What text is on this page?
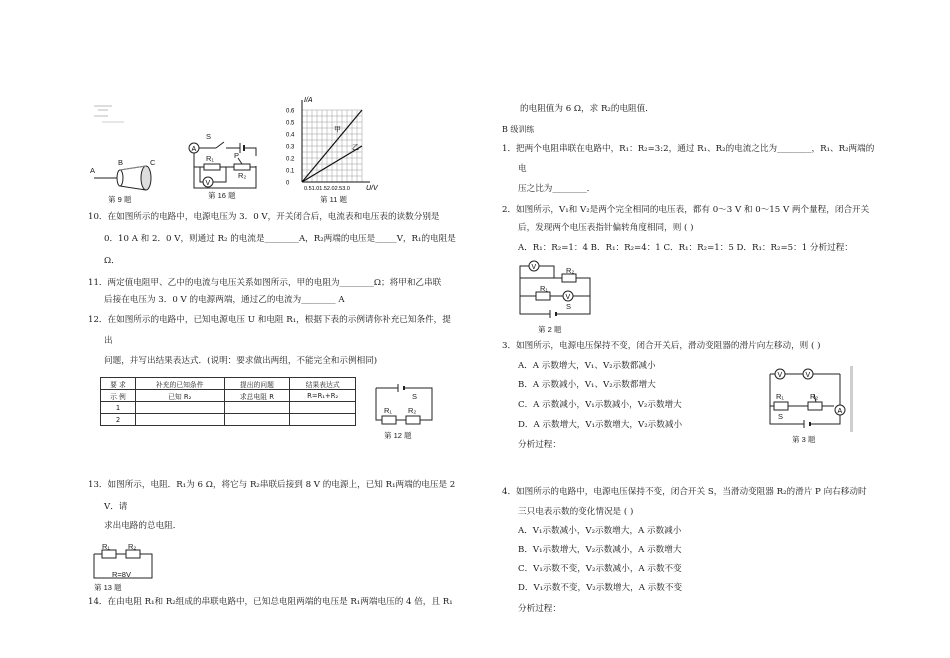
A
B	C
第 9 题
A
V
S
R₁	P
R₂
第 16 题
I/A
U/V
0.6
0.5
0.4
0.3
0.2
0.1
0
0.51.01.52.02.53.0
甲
乙
第 11 题
10．在如图所示的电路中，电源电压为 3．0 V，开关闭合后，电流表和电压表的读数分别是
0．10 A 和 2．0 V，则通过 R₂ 的电流是________A，R₂两端的电压是_____V，R₁的电阻是
Ω．
11．两定值电阻甲、乙中的电流与电压关系如图所示，甲的电阻为________Ω；将甲和乙串联
后接在电压为 3．0 V 的电源两端，通过乙的电流为________ A
12．在如图所示的电路中，已知电源电压 U 和电阻 R₁，根据下表的示例请你补充已知条件，提
出
问题，并写出结果表达式．(说明：要求做出两组，不能完全和示例相同)
要 求	补充的已知条件	提出的问题	结果表达式
示 例	已知 R₂	求总电阻 R	R=R₁+R₂
1			
2			
S
R₁ R₂
第 12 题
13．如图所示，电阻．R₁为 6 Ω，将它与 R₂串联后接到 8 V 的电源上，已知 R₁两端的电压是 2
V．请
求出电路的总电阻．
R₁ R₂
R=8V
第 13 题
14．在由电阻 R₁和 R₂组成的串联电路中，已知总电阻两端的电压是 R₁两端电压的 4 倍，且 R₁
的电阻值为 6 Ω，求 R₂的电阻值．
B 级训练
1．把两个电阻串联在电路中，R₁：R₂=3:2，通过 R₁、R₂的电流之比为________，R₁、R₂两端的
电
压之比为________．
2．如图所示，V₁和 V₂是两个完全相同的电压表，都有 0～3 V 和 0～15 V 两个量程，闭合开关
后，发现两个电压表指针偏转角度相同，则 ( )
A．R₁：R₂=1：4 B．R₁：R₂=4：1 C．R₁：R₂=1：5 D．R₁：R₂=5：1 分析过程：
V
V
R₂
R₁
S
第 2 题
3．如图所示，电源电压保持不变，闭合开关后，滑动变阻器的滑片向左移动，则 ( )
A．A 示数增大，V₁、V₂示数都减小
B．A 示数减小，V₁、V₂示数都增大
C．A 示数减小，V₁示数减小，V₂示数增大
D．A 示数增大，V₁示数增大，V₂示数减小
分析过程：
V	V
A
R₁	R₂
S
第 3 题
4．如图所示的电路中，电源电压保持不变，闭合开关 S，当滑动变阻器 R₂的滑片 P 向右移动时
三只电表示数的变化情况是 ( )
A．V₁示数减小，V₂示数增大，A 示数减小
B．V₁示数增大，V₂示数减小，A 示数增大
C．V₁示数不变，V₂示数减小，A 示数不变
D．V₁示数不变，V₂示数增大，A 示数不变
分析过程：
